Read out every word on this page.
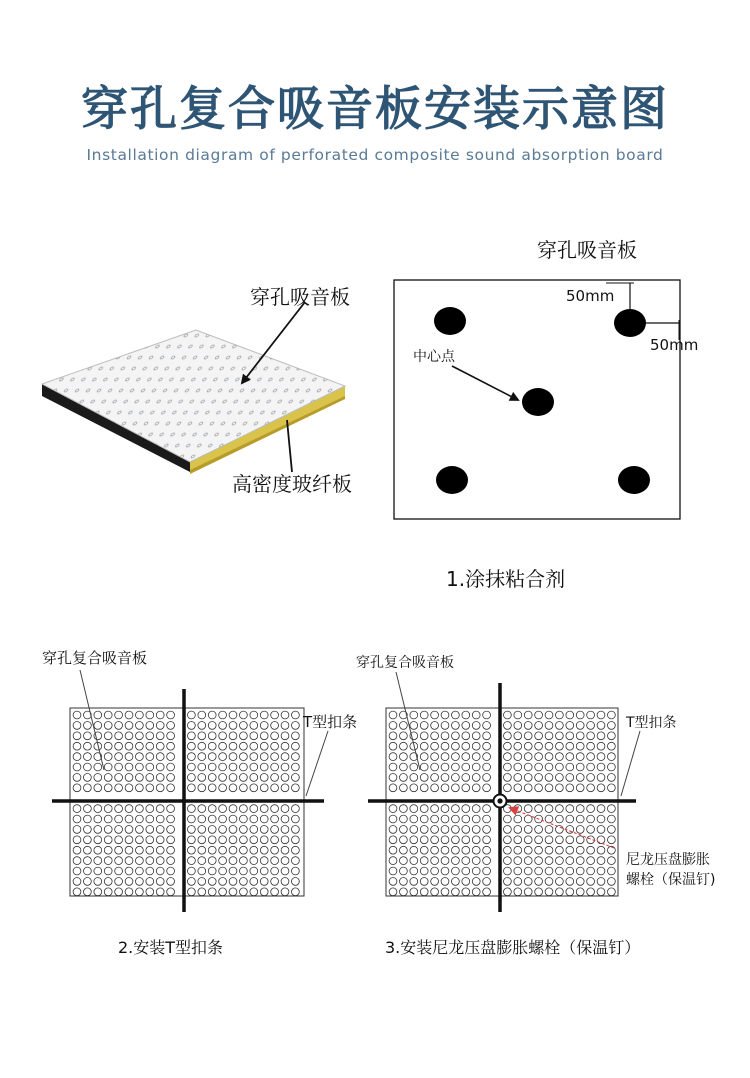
穿孔复合吸音板安装示意图
Installation diagram of perforated composite sound absorption board
穿孔吸音板
高密度玻纤板
穿孔吸音板
50mm
50mm
中心点
1.涂抹粘合剂
穿孔复合吸音板
T型扣条
2.安装T型扣条
穿孔复合吸音板
T型扣条
尼龙压盘膨胀
螺栓（保温钉)
3.安装尼龙压盘膨胀螺栓（保温钉）
